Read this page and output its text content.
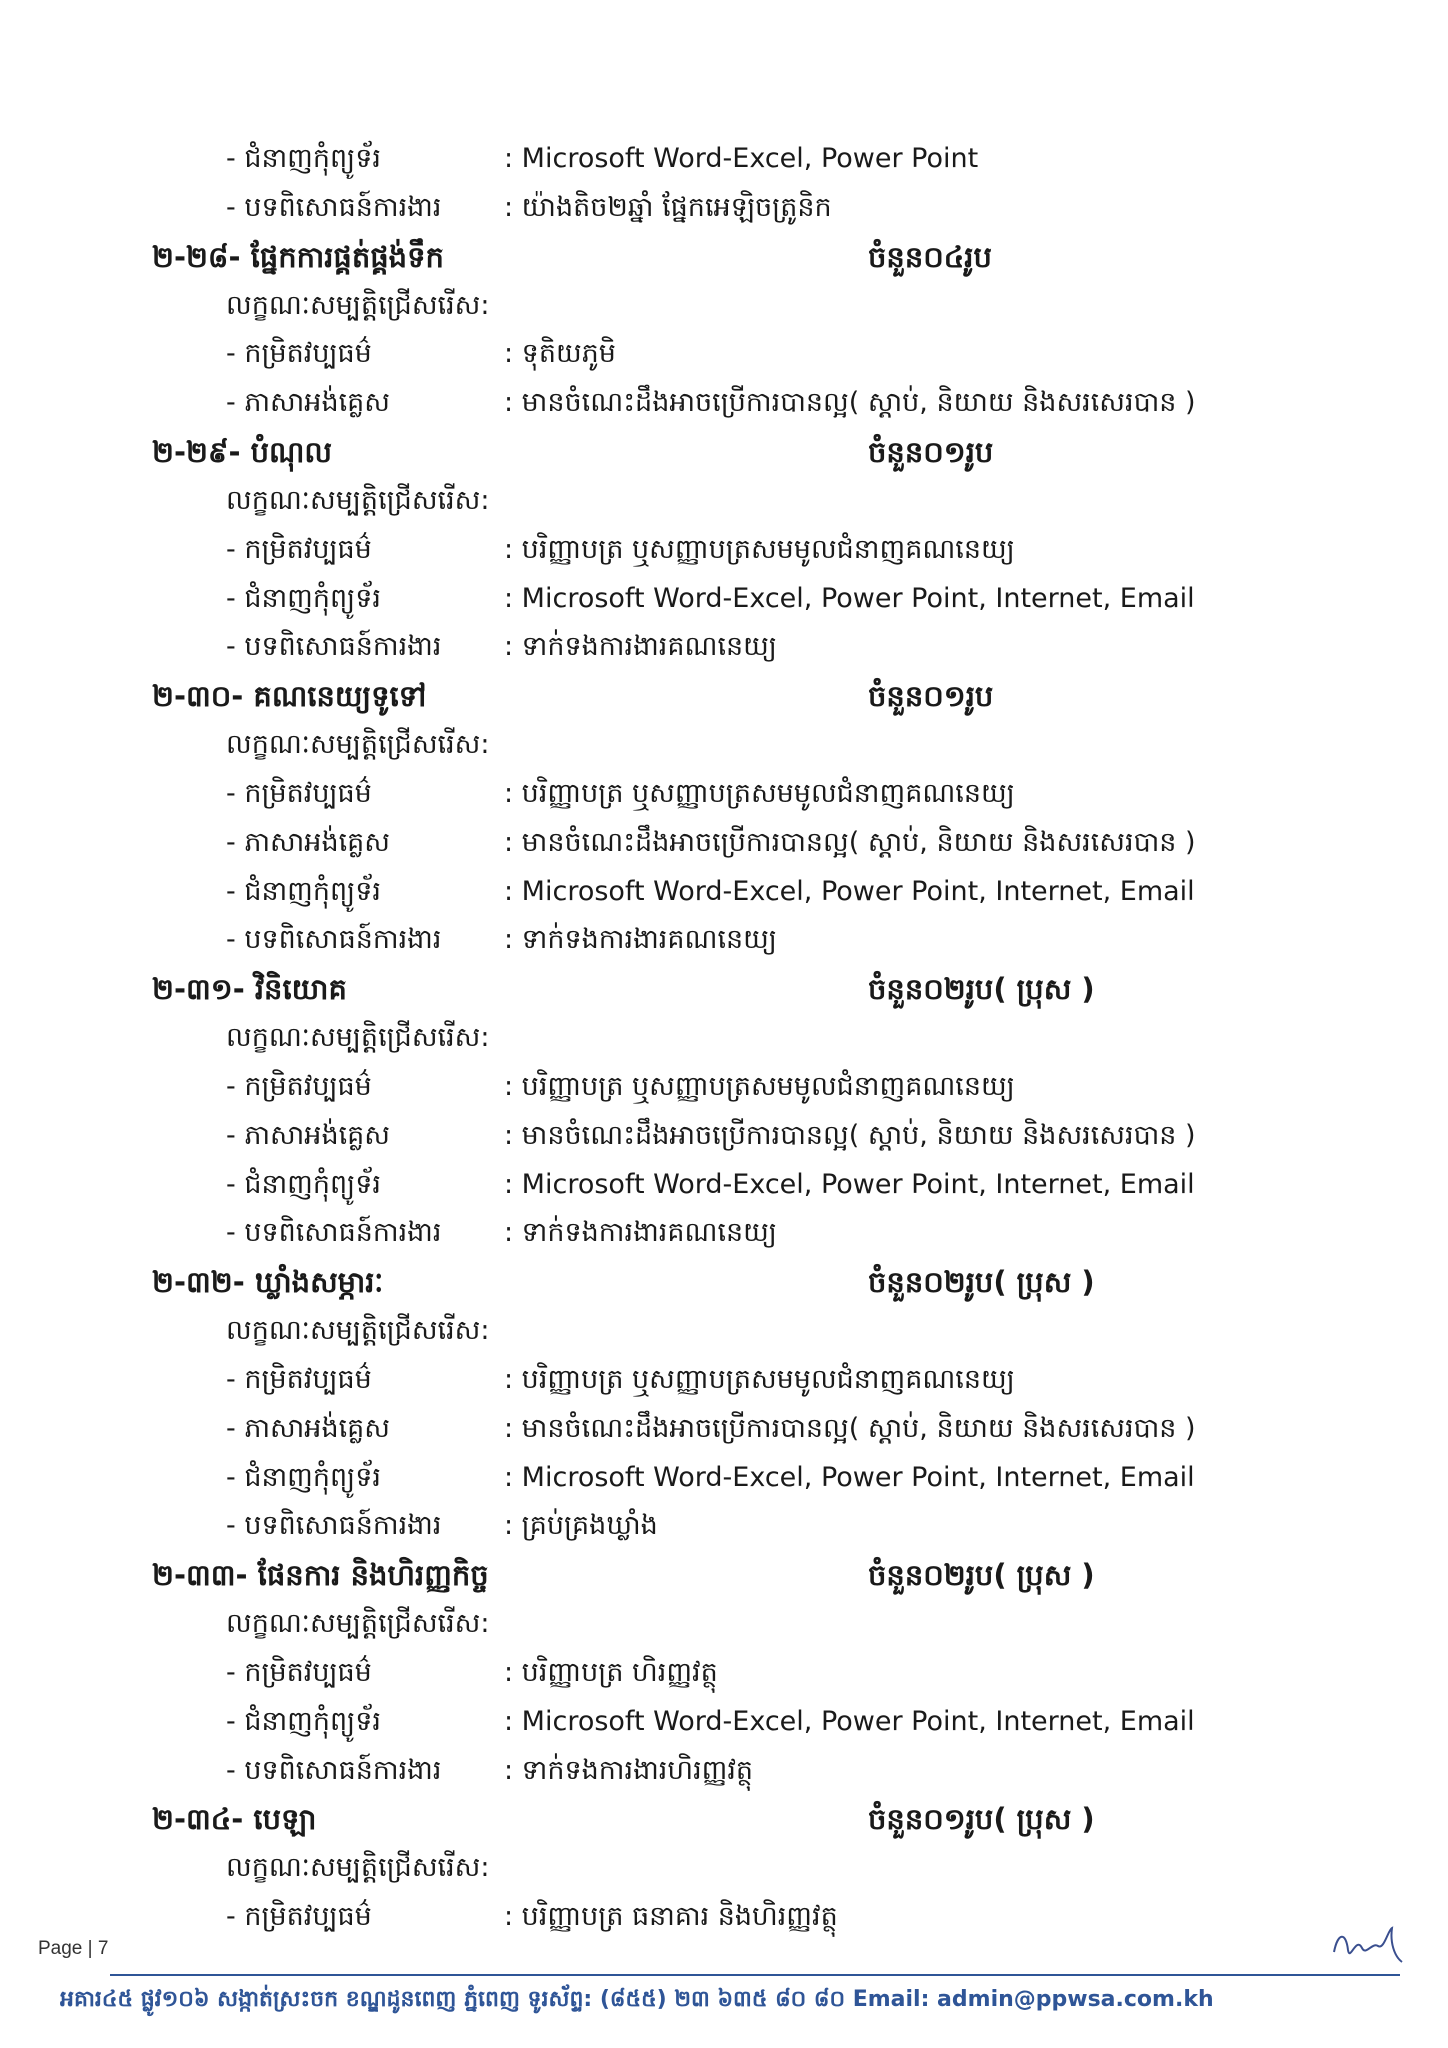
- ជំនាញកុំព្យូទ័រ	: Microsoft Word-Excel, Power Point
- បទពិសោធន៍ការងារ : យ៉ាងតិច២ឆ្នាំ ផ្នែកអេឡិចត្រូនិក
២-២៨- ផ្នែកការផ្គត់ផ្គង់ទឹក	ចំនួន០៤រូប
លក្ខណៈសម្បត្តិជ្រើសរើស:
- កម្រិតវប្បធម៌	: ទុតិយភូមិ
- ភាសាអង់គ្លេស	: មានចំណេះដឹងអាចប្រើការបានល្អ( ស្តាប់, និយាយ និងសរសេរបាន )
២-២៩- បំណុល	ចំនួន០១រូប
លក្ខណៈសម្បត្តិជ្រើសរើស:
- កម្រិតវប្បធម៌	: បរិញ្ញាបត្រ ឬសញ្ញាបត្រសមមូលជំនាញគណនេយ្យ
- ជំនាញកុំព្យូទ័រ	: Microsoft Word-Excel, Power Point, Internet, Email
- បទពិសោធន៍ការងារ : ទាក់ទងការងារគណនេយ្យ
២-៣០- គណនេយ្យទូទៅ	ចំនួន០១រូប
លក្ខណៈសម្បត្តិជ្រើសរើស:
- កម្រិតវប្បធម៌	: បរិញ្ញាបត្រ ឬសញ្ញាបត្រសមមូលជំនាញគណនេយ្យ
- ភាសាអង់គ្លេស	: មានចំណេះដឹងអាចប្រើការបានល្អ( ស្តាប់, និយាយ និងសរសេរបាន )
- ជំនាញកុំព្យូទ័រ	: Microsoft Word-Excel, Power Point, Internet, Email
- បទពិសោធន៍ការងារ : ទាក់ទងការងារគណនេយ្យ
២-៣១- វិនិយោគ	ចំនួន០២រូប( ប្រុស )
លក្ខណៈសម្បត្តិជ្រើសរើស:
- កម្រិតវប្បធម៌	: បរិញ្ញាបត្រ ឬសញ្ញាបត្រសមមូលជំនាញគណនេយ្យ
- ភាសាអង់គ្លេស	: មានចំណេះដឹងអាចប្រើការបានល្អ( ស្តាប់, និយាយ និងសរសេរបាន )
- ជំនាញកុំព្យូទ័រ	: Microsoft Word-Excel, Power Point, Internet, Email
- បទពិសោធន៍ការងារ : ទាក់ទងការងារគណនេយ្យ
២-៣២- ឃ្លាំងសម្ភារៈ	ចំនួន០២រូប( ប្រុស )
លក្ខណៈសម្បត្តិជ្រើសរើស:
- កម្រិតវប្បធម៌	: បរិញ្ញាបត្រ ឬសញ្ញាបត្រសមមូលជំនាញគណនេយ្យ
- ភាសាអង់គ្លេស	: មានចំណេះដឹងអាចប្រើការបានល្អ( ស្តាប់, និយាយ និងសរសេរបាន )
- ជំនាញកុំព្យូទ័រ	: Microsoft Word-Excel, Power Point, Internet, Email
- បទពិសោធន៍ការងារ : គ្រប់គ្រងឃ្លាំង
២-៣៣- ផែនការ និងហិរញ្ញកិច្ច	ចំនួន០២រូប( ប្រុស )
លក្ខណៈសម្បត្តិជ្រើសរើស:
- កម្រិតវប្បធម៌	: បរិញ្ញាបត្រ ហិរញ្ញវត្ថុ
- ជំនាញកុំព្យូទ័រ	: Microsoft Word-Excel, Power Point, Internet, Email
- បទពិសោធន៍ការងារ : ទាក់ទងការងារហិរញ្ញវត្ថុ
២-៣៤- បេឡា	ចំនួន០១រូប( ប្រុស )
លក្ខណៈសម្បត្តិជ្រើសរើស:
- កម្រិតវប្បធម៌	: បរិញ្ញាបត្រ ធនាគារ និងហិរញ្ញវត្ថុ
Page | 7
អគារ៤៥ ផ្លូវ១០៦ សង្កាត់ស្រះចក ខណ្ឌដូនពេញ ភ្នំពេញ ទូរស័ព្ទ: (៨៥៥) ២៣ ៦៣៥ ៨០ ៨០ Email: admin@ppwsa.com.kh
